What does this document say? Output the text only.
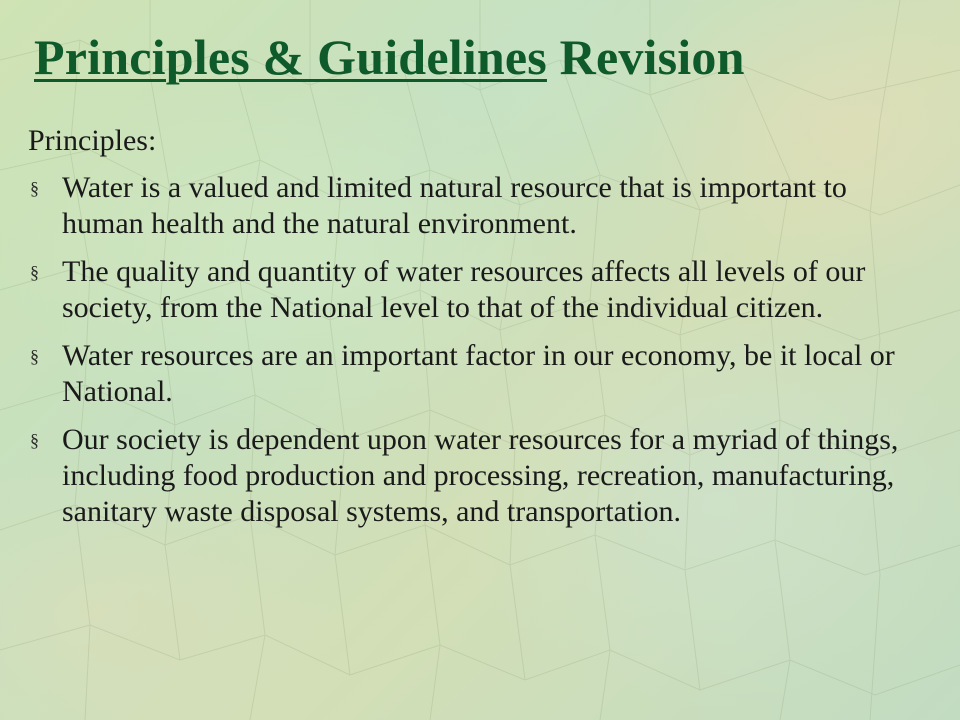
Principles & Guidelines Revision

Principles:

§ Water is a valued and limited natural resource that is important to human health and the natural environment.
§ The quality and quantity of water resources affects all levels of our society, from the National level to that of the individual citizen.
§ Water resources are an important factor in our economy, be it local or National.
§ Our society is dependent upon water resources for a myriad of things, including food production and processing, recreation, manufacturing, sanitary waste disposal systems, and transportation.
